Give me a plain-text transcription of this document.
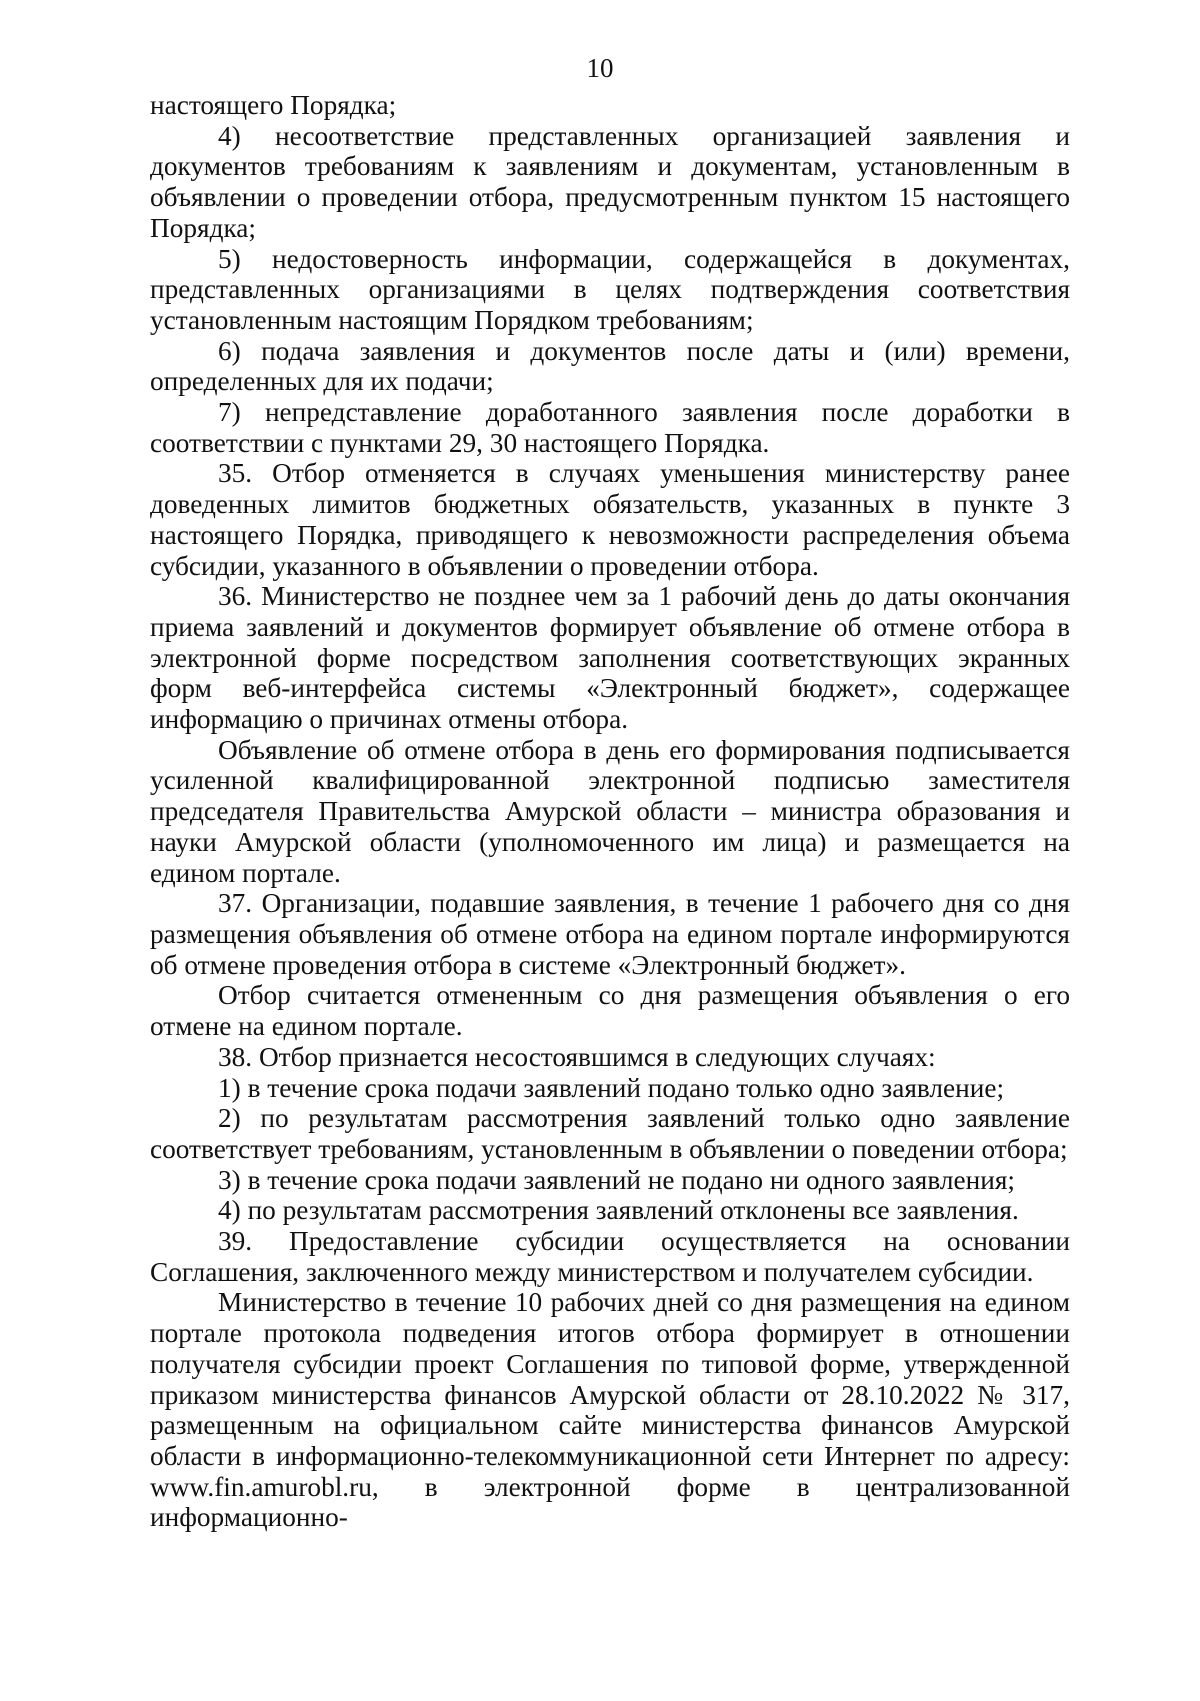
10

настоящего Порядка;

4) несоответствие представленных организацией заявления и документов требованиям к заявлениям и документам, установленным в объявлении о проведении отбора, предусмотренным пунктом 15 настоящего Порядка;

5) недостоверность информации, содержащейся в документах, представленных организациями в целях подтверждения соответствия установленным настоящим Порядком требованиям;

6) подача заявления и документов после даты и (или) времени, определенных для их подачи;

7) непредставление доработанного заявления после доработки в соответствии с пунктами 29, 30 настоящего Порядка.

35. Отбор отменяется в случаях уменьшения министерству ранее доведенных лимитов бюджетных обязательств, указанных в пункте 3 настоящего Порядка, приводящего к невозможности распределения объема субсидии, указанного в объявлении о проведении отбора.

36. Министерство не позднее чем за 1 рабочий день до даты окончания приема заявлений и документов формирует объявление об отмене отбора в электронной форме посредством заполнения соответствующих экранных форм веб-интерфейса системы «Электронный бюджет», содержащее информацию о причинах отмены отбора.

Объявление об отмене отбора в день его формирования подписывается усиленной квалифицированной электронной подписью заместителя председателя Правительства Амурской области – министра образования и науки Амурской области (уполномоченного им лица) и размещается на едином портале.

37. Организации, подавшие заявления, в течение 1 рабочего дня со дня размещения объявления об отмене отбора на едином портале информируются об отмене проведения отбора в системе «Электронный бюджет».

Отбор считается отмененным со дня размещения объявления о его отмене на едином портале.

38. Отбор признается несостоявшимся в следующих случаях:

1) в течение срока подачи заявлений подано только одно заявление;

2) по результатам рассмотрения заявлений только одно заявление соответствует требованиям, установленным в объявлении о поведении отбора;

3) в течение срока подачи заявлений не подано ни одного заявления;

4) по результатам рассмотрения заявлений отклонены все заявления.

39. Предоставление субсидии осуществляется на основании Соглашения, заключенного между министерством и получателем субсидии.

Министерство в течение 10 рабочих дней со дня размещения на едином портале протокола подведения итогов отбора формирует в отношении получателя субсидии проект Соглашения по типовой форме, утвержденной приказом министерства финансов Амурской области от 28.10.2022 № 317, размещенным на официальном сайте министерства финансов Амурской области в информационно-телекоммуникационной сети Интернет по адресу: www.fin.amurobl.ru, в электронной форме в централизованной информационно-
